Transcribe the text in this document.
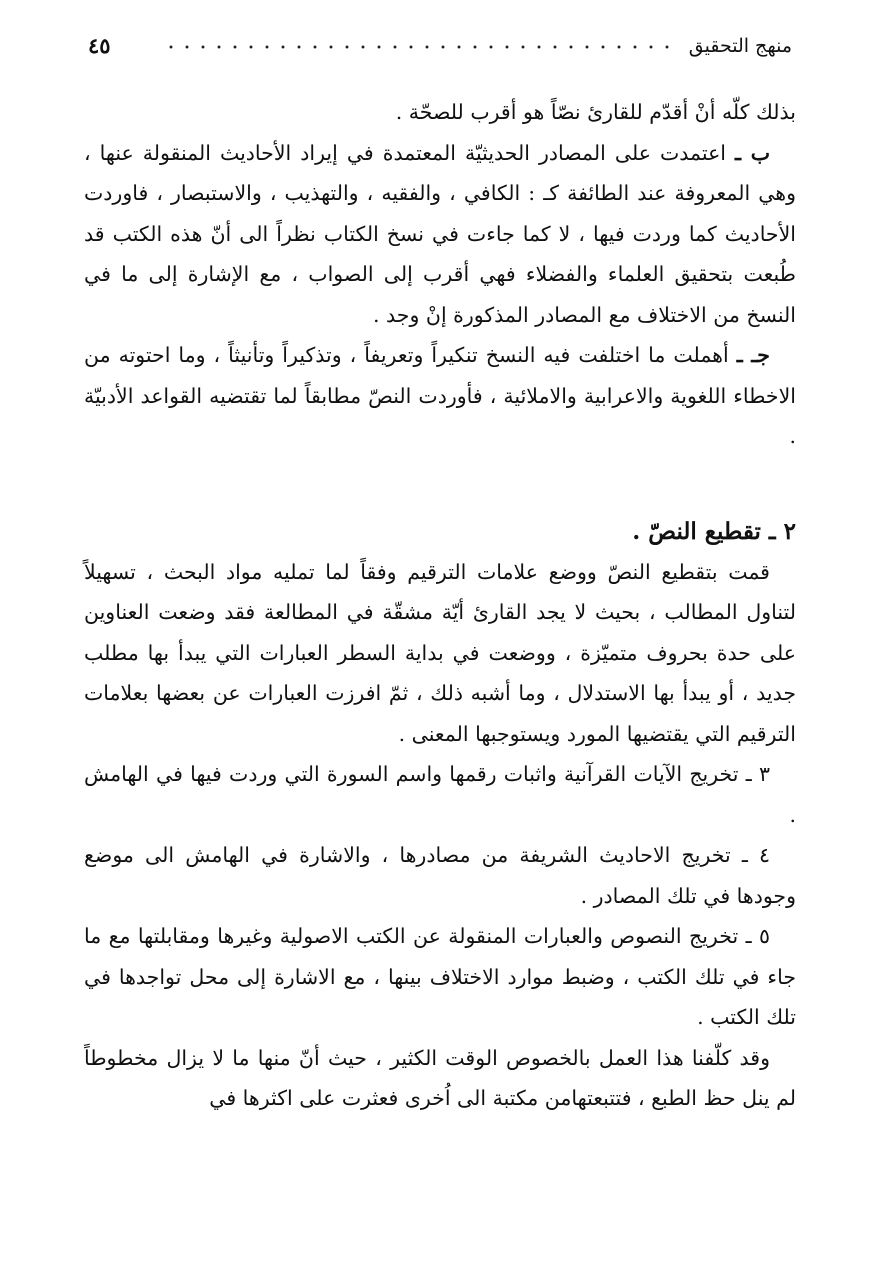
منهج التحقيق
٤٥

بذلك كلّه أنْ أقدّم للقارئ نصّاً هو أقرب للصحّة .

ب ـ اعتمدت على المصادر الحديثيّة المعتمدة في إيراد الأحاديث المنقولة عنها ، وهي المعروفة عند الطائفة كـ : الكافي ، والفقيه ، والتهذيب ، والاستبصار ، فاوردت الأحاديث كما وردت فيها ، لا كما جاءت في نسخ الكتاب نظراً الى أنّ هذه الكتب قد طُبعت بتحقيق العلماء والفضلاء فهي أقرب إلى الصواب ، مع الإشارة إلى ما في النسخ من الاختلاف مع المصادر المذكورة إنْ وجد .

جـ ـ أهملت ما اختلفت فيه النسخ تنكيراً وتعريفاً ، وتذكيراً وتأنيثاً ، وما احتوته من الاخطاء اللغوية والاعرابية والاملائية ، فأوردت النصّ مطابقاً لما تقتضيه القواعد الأدبيّة .

٢ ـ تقطيع النصّ .

قمت بتقطيع النصّ ووضع علامات الترقيم وفقاً لما تمليه مواد البحث ، تسهيلاً لتناول المطالب ، بحيث لا يجد القارئ أيّة مشقّة في المطالعة فقد وضعت العناوين على حدة بحروف متميّزة ، ووضعت في بداية السطر العبارات التي يبدأ بها مطلب جديد ، أو يبدأ بها الاستدلال ، وما أشبه ذلك ، ثمّ افرزت العبارات عن بعضها بعلامات الترقيم التي يقتضيها المورد ويستوجبها المعنى .

٣ ـ تخريج الآيات القرآنية واثبات رقمها واسم السورة التي وردت فيها في الهامش .

٤ ـ تخريج الاحاديث الشريفة من مصادرها ، والاشارة في الهامش الى موضع وجودها في تلك المصادر .

٥ ـ تخريج النصوص والعبارات المنقولة عن الكتب الاصولية وغيرها ومقابلتها مع ما جاء في تلك الكتب ، وضبط موارد الاختلاف بينها ، مع الاشارة إلى محل تواجدها في تلك الكتب .

وقد كلّفنا هذا العمل بالخصوص الوقت الكثير ، حيث أنّ منها ما لا يزال مخطوطاً لم ينل حظ الطبع ، فتتبعتهامن مكتبة الى اُخرى فعثرت على اكثرها في
